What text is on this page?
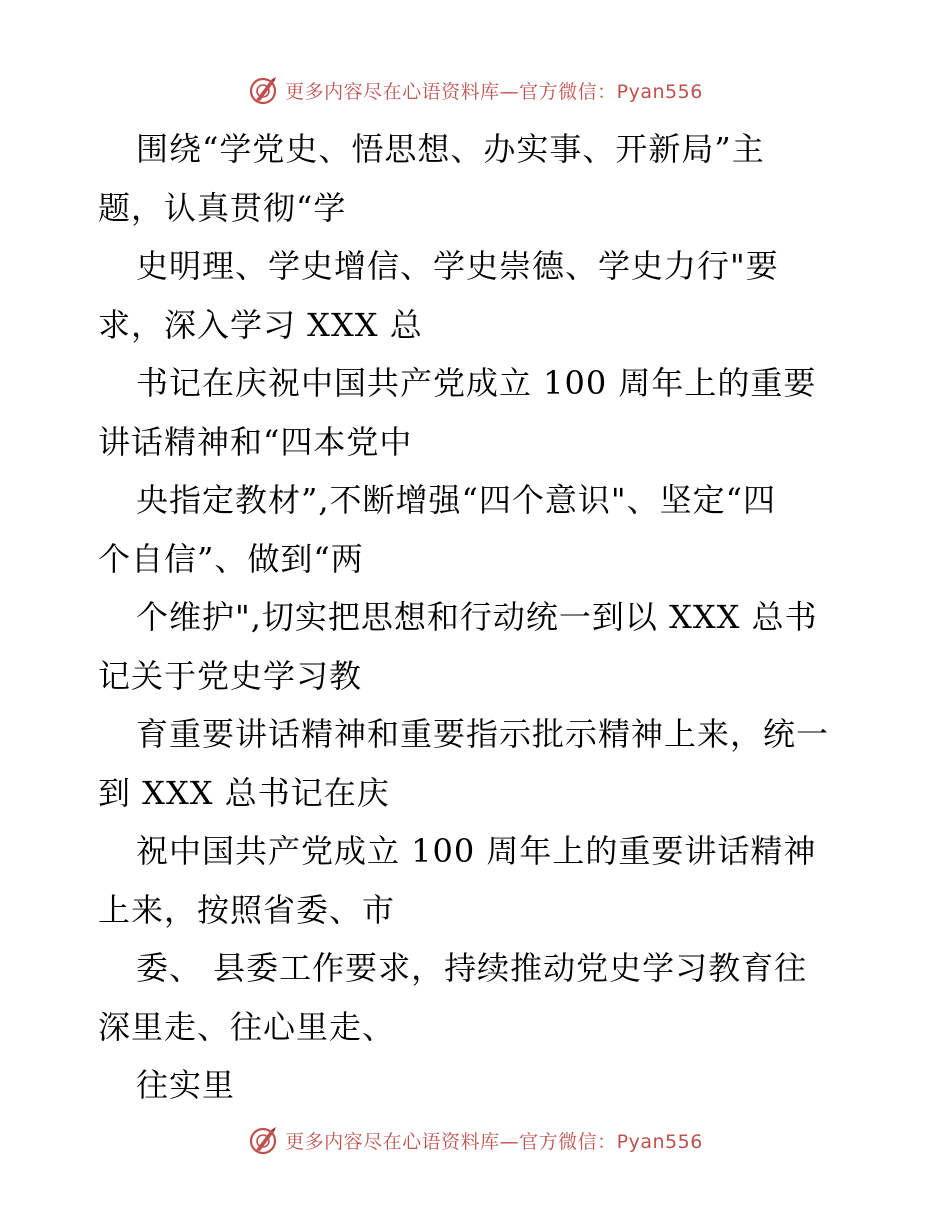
更多内容尽在心语资料库—官方微信：Pyan556
围绕“学党史、悟思想、办实事、开新局”主
题，认真贯彻“学
史明理、学史增信、学史崇德、学史力行"要
求，深入学习 XXX 总
书记在庆祝中国共产党成立 100 周年上的重要
讲话精神和“四本党中
央指定教材”,不断增强“四个意识"、坚定“四
个自信”、做到“两
个维护",切实把思想和行动统一到以 XXX 总书
记关于党史学习教
育重要讲话精神和重要指示批示精神上来，统一
到 XXX 总书记在庆
祝中国共产党成立 100 周年上的重要讲话精神
上来，按照省委、市
委、 县委工作要求，持续推动党史学习教育往
深里走、往心里走、
往实里
更多内容尽在心语资料库—官方微信：Pyan556
